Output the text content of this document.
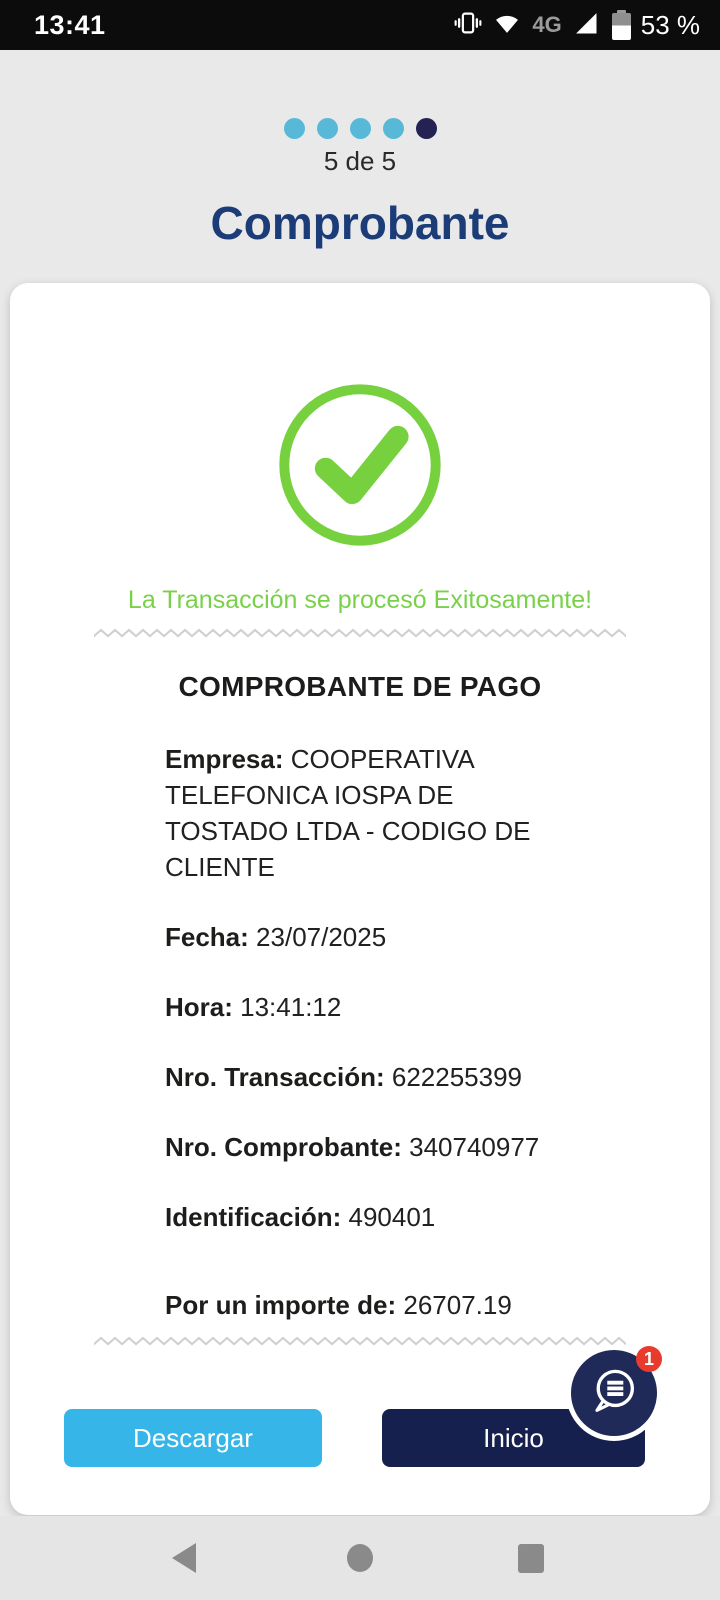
13:41	4G	53 %
5 de 5
Comprobante
La Transacción se procesó Exitosamente!
COMPROBANTE DE PAGO
Empresa: COOPERATIVA TELEFONICA IOSPA DE TOSTADO LTDA - CODIGO DE CLIENTE
Fecha: 23/07/2025
Hora: 13:41:12
Nro. Transacción: 622255399
Nro. Comprobante: 340740977
Identificación: 490401
Por un importe de: 26707.19
Descargar	Inicio
1
